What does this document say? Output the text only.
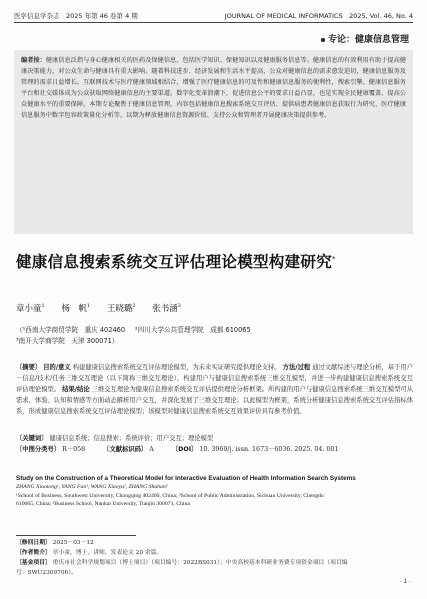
医学信息学杂志　2025 年第 46 卷第 4 期	JOURNAL OF MEDICAL INFORMATICS　2025, Vol. 46, No. 4
专论：健康信息管理
编者按：健康信息泛指与身心健康相关的医药及保健信息，包括医学知识、保健知识以及健康服务信息等。健康信息的有效利用有助于提高健康决策能力，对公众生命与健康具有重大影响。随着科技进步、经济发展和生活水平提高，公众对健康信息的需求愈发迫切，健康信息服务及管理的需求日益增长。互联网技术与医疗健康领域相结合，增强了医疗健康信息的可及性和健康信息服务的便利性，搜索引擎、健康信息服务平台和社交媒体成为公众获取网络健康信息的主要渠道。数字化变革浪潮下，促进信息公平的要求日益凸显，也是实现全民健康覆盖、提高公众健康水平的重要保障。本期专论聚焦于健康信息管理，内容包括健康信息搜索系统交互评估、提供病患者健康信息获取行为研究、医疗健康信息服务中数字包容政策量化分析等，以期为释放健康信息资源价值、支持公众和管理者开展健康决策提供参考。
健康信息搜索系统交互评估理论模型构建研究*
章小童$^1$ 杨　帆$^1$ 王晓璐$^2$ 张书涵$^3$
（¹西南大学商贸学院　重庆 402460 ²四川大学公共管理学院　成都 610065
³南开大学商学院　天津 300071）
〔摘要〕 目的/意义 构建健康信息搜索系统交互评估理论模型，为未来实证研究提供理论支持。 方法/过程 通过文献综述与理论分析，基于用户－信息/技术/任务三维交互理论（以下简称三维交互理论），构建用户与健康信息搜索系统三维交互模型，并进一步构建健康信息搜索系统交互评估理论模型。 结果/结论 三维交互理论为健康信息搜索系统交互评估提供理论分析框架。所构建的用户与健康信息搜索系统三维交互模型可从需求、体验、认知和情感等方面动态解析用户交互，并深化发展了三维交互理论；以此模型为框架，系统分析健康信息搜索系统交互评估指标体系，形成健康信息搜索系统交互评估理论模型；该模型对健康信息搜索系统交互效果评价具有参考价值。
〔关键词〕 健康信息系统；信息搜索；系统评价；用户交互；理论模型
〔中图分类号〕 R－058	〔文献标识码〕 A	〔DOI〕 10. 3969/j. issn. 1673－6036. 2025. 04. 001
Study on the Construction of a Theoretical Model for Interactive Evaluation of Health Information Search Systems
ZHANG Xiaotong¹, YANG Fan¹, WANG Xiaoyu², ZHANG Shuhan³
¹School of Business, Southwest University, Chongqing 402460, China; ²School of Public Administration, Sichuan University, Chengdu
610065, China; ³Business School, Nankai University, Tianjin 300071, China
〔修回日期〕 2025－03－12
〔作者简介〕 章小童，博士，讲师，发表论文 20 余篇。
〔基金项目〕 重庆市社会科学规划项目（博士项目）（项目编号：2022BS031）；中央高校基本科研业务费专项资金项目（项目编
号：SWU2309706）。
· 1 ·
